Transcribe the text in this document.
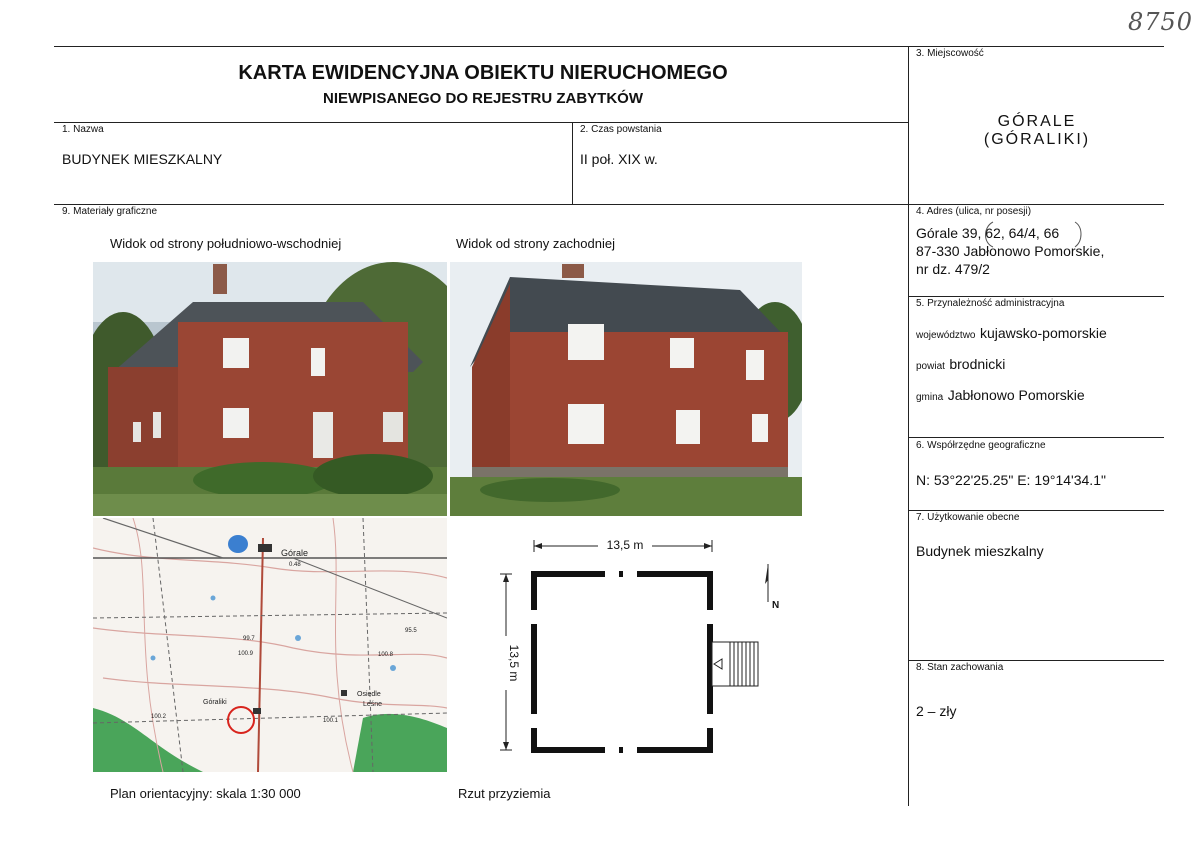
8750
KARTA EWIDENCYJNA OBIEKTU NIERUCHOMEGO
NIEWPISANEGO DO REJESTRU ZABYTKÓW
1. Nazwa
BUDYNEK MIESZKALNY
2. Czas powstania
II poł. XIX w.
3. Miejscowość
GÓRALE
(GÓRALIKI)
4. Adres (ulica, nr posesji)
Górale 39, 62, 64/4, 66
87-330 Jabłonowo Pomorskie,
nr dz. 479/2
5. Przynależność administracyjna
województwo kujawsko-pomorskie
powiat brodnicki
gmina Jabłonowo Pomorskie
6. Współrzędne geograficzne
N: 53°22'25.25" E: 19°14'34.1"
7. Użytkowanie obecne
Budynek mieszkalny
8. Stan zachowania
2 – zły
9. Materiały graficzne
Widok od strony południowo-wschodniej	Widok od strony zachodniej
Plan orientacyjny: skala 1:30 000	Rzut przyziemia
Górale
0.48
99.7
100.9	100.8
95.5
Góraliki
100.2
100.1
Osiedle
Leśne
13,5 m
13,5 m
N
